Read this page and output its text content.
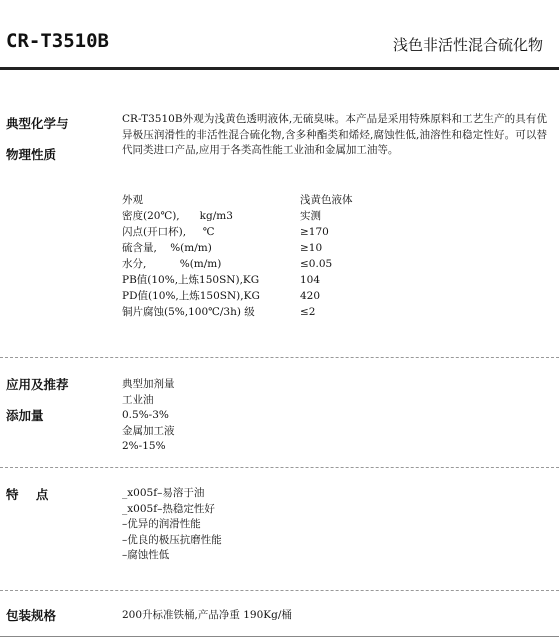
CR-T3510B	浅色非活性混合硫化物
典型化学与
物理性质
CR-T3510B外观为浅黄色透明液体,无硫臭味。本产品是采用特殊原料和工艺生产的具有优异极压润滑性的非活性混合硫化物,含多种酯类和烯烃,腐蚀性低,油溶性和稳定性好。可以替代同类进口产品,应用于各类高性能工业油和金属加工油等。
外观	浅黄色液体
密度(20℃),      kg/m3	实测
闪点(开口杯),     ℃	≥170
硫含量,    %(m/m)	≥10
水分,          %(m/m)	≤0.05
PB值(10%,上炼150SN),KG	104
PD值(10%,上炼150SN),KG	420
铜片腐蚀(5%,100℃/3h) 级	≤2
应用及推荐
添加量
典型加剂量
工业油
0.5%-3%
金属加工液
2%-15%
特    点	_x005f–易溶于油
_x005f–热稳定性好
–优异的润滑性能
–优良的极压抗磨性能
–腐蚀性低
包装规格	200升标准铁桶,产品净重 190Kg/桶
